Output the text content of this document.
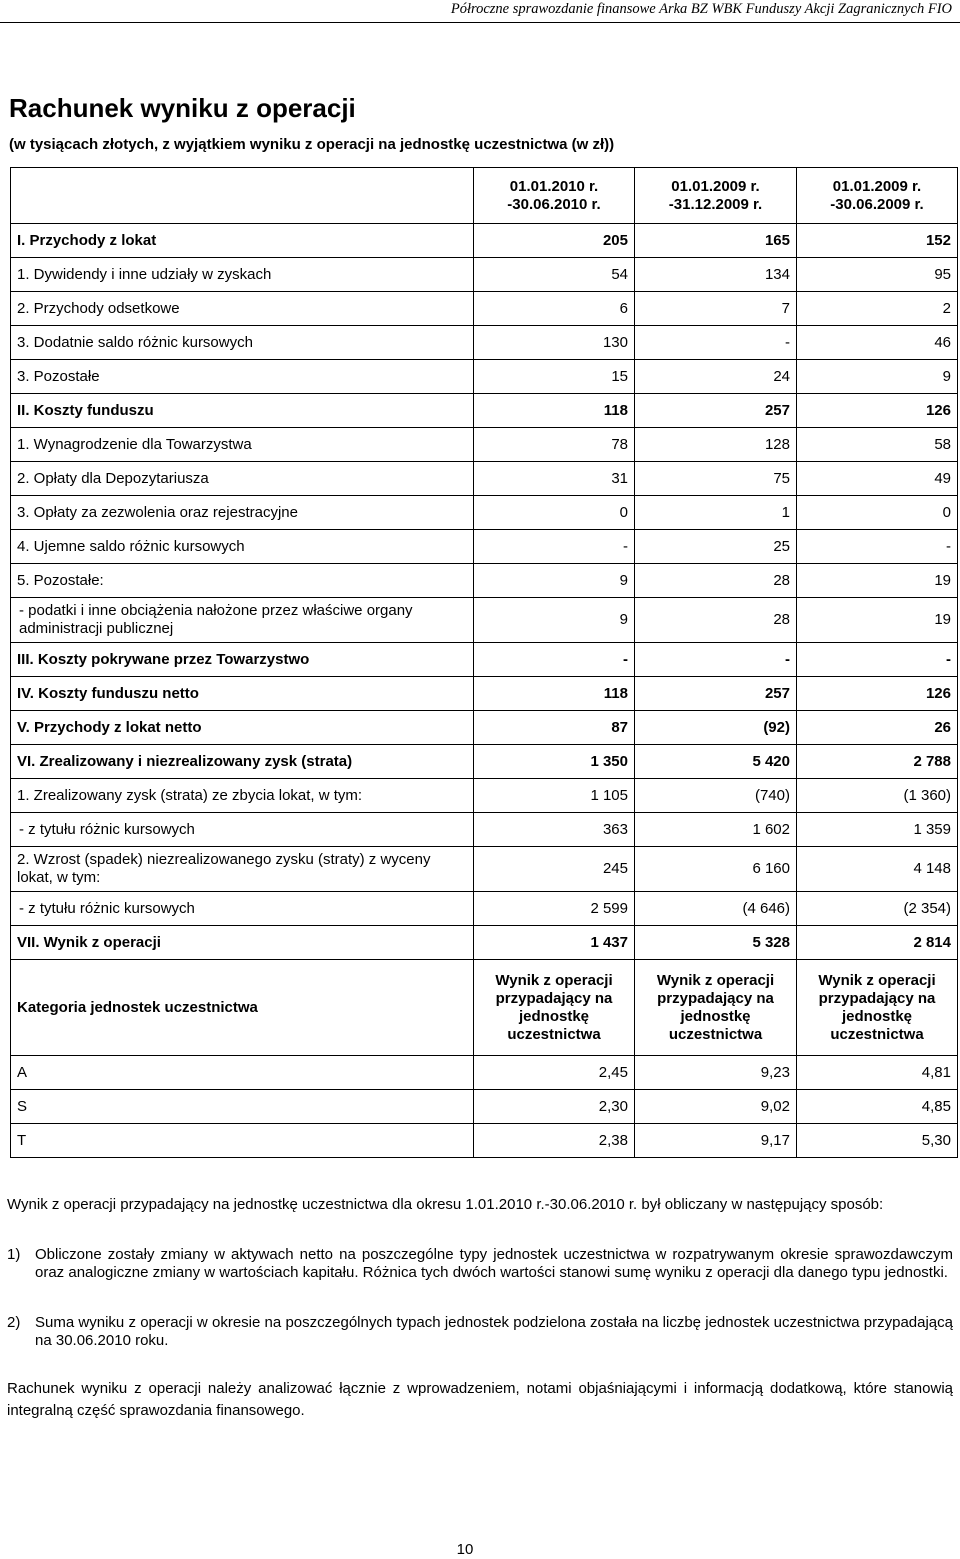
Półroczne sprawozdanie finansowe Arka BZ WBK Funduszy Akcji Zagranicznych FIO
Rachunek wyniku z operacji
(w tysiącach złotych, z wyjątkiem wyniku z operacji na jednostkę uczestnictwa (w zł))
	01.01.2010 r.
-30.06.2010 r.	01.01.2009 r.
-31.12.2009 r.	01.01.2009 r.
-30.06.2009 r.
I. Przychody z lokat	205	165	152
1. Dywidendy i inne udziały w zyskach	54	134	95
2. Przychody odsetkowe	6	7	2
3. Dodatnie saldo różnic kursowych	130	-	46
3. Pozostałe	15	24	9
II. Koszty funduszu	118	257	126
1. Wynagrodzenie dla Towarzystwa	78	128	58
2. Opłaty dla Depozytariusza	31	75	49
3. Opłaty za zezwolenia oraz rejestracyjne	0	1	0
4. Ujemne saldo różnic kursowych	-	25	-
5. Pozostałe:	9	28	19
- podatki i inne obciążenia nałożone przez właściwe organy administracji publicznej	9	28	19
III. Koszty pokrywane przez Towarzystwo	-	-	-
IV. Koszty funduszu netto	118	257	126
V. Przychody z lokat netto	87	(92)	26
VI. Zrealizowany i niezrealizowany zysk (strata)	1 350	5 420	2 788
1. Zrealizowany zysk (strata) ze zbycia lokat, w tym:	1 105	(740)	(1 360)
- z tytułu różnic kursowych	363	1 602	1 359
2. Wzrost (spadek) niezrealizowanego zysku (straty) z wyceny lokat, w tym:	245	6 160	4 148
- z tytułu różnic kursowych	2 599	(4 646)	(2 354)
VII. Wynik z operacji	1 437	5 328	2 814
Kategoria jednostek uczestnictwa	Wynik z operacji
przypadający na
jednostkę
uczestnictwa	Wynik z operacji
przypadający na
jednostkę
uczestnictwa	Wynik z operacji
przypadający na
jednostkę
uczestnictwa
A	2,45	9,23	4,81
S	2,30	9,02	4,85
T	2,38	9,17	5,30
Wynik z operacji przypadający na jednostkę uczestnictwa dla okresu 1.01.2010 r.-30.06.2010 r. był obliczany w następujący sposób:
1) Obliczone zostały zmiany w aktywach netto na poszczególne typy jednostek uczestnictwa w rozpatrywanym okresie sprawozdawczym oraz analogiczne zmiany w wartościach kapitału. Różnica tych dwóch wartości stanowi sumę wyniku z operacji dla danego typu jednostki.
2) Suma wyniku z operacji w okresie na poszczególnych typach jednostek podzielona została na liczbę jednostek uczestnictwa przypadającą na 30.06.2010 roku.
Rachunek wyniku z operacji należy analizować łącznie z wprowadzeniem, notami objaśniającymi i informacją dodatkową, które stanowią integralną część sprawozdania finansowego.
10
